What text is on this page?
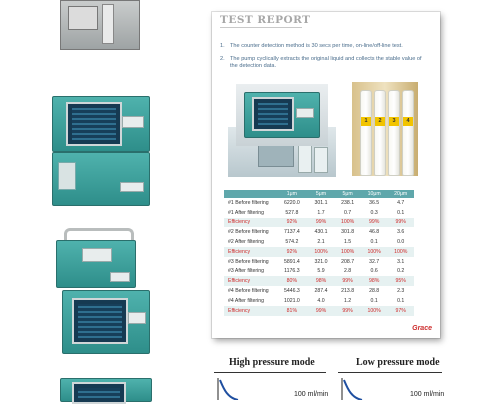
TEST REPORT
1. The counter detection method is 30 secs per time, on-line/off-line test.
2. The pump cyclically extracts the original liquid and collects the stable value of the detection data.
1	2	3	4
	1μm	5μm	5μm	10μm	20μm
#1 Before filtering	6220.0	301.1	238.1	36.5	4.7
#1 After filtering	527.8	1.7	0.7	0.3	0.1
Efficiency	92%	99%	100%	99%	99%
#2 Before filtering	7137.4	430.1	301.8	46.8	3.6
#2 After filtering	574.2	2.1	1.5	0.1	0.0
Efficiency	92%	100%	100%	100%	100%
#3 Before filtering	5891.4	321.0	208.7	32.7	3.1
#3 After filtering	1176.3	5.9	2.8	0.6	0.2
Efficiency	80%	98%	99%	98%	95%
#4 Before filtering	5446.3	287.4	213.8	28.8	2.3
#4 After filtering	1021.0	4.0	1.2	0.1	0.1
Efficiency	81%	99%	99%	100%	97%
Grace
High pressure mode
100 ml/min
Low pressure mode
100 ml/min
